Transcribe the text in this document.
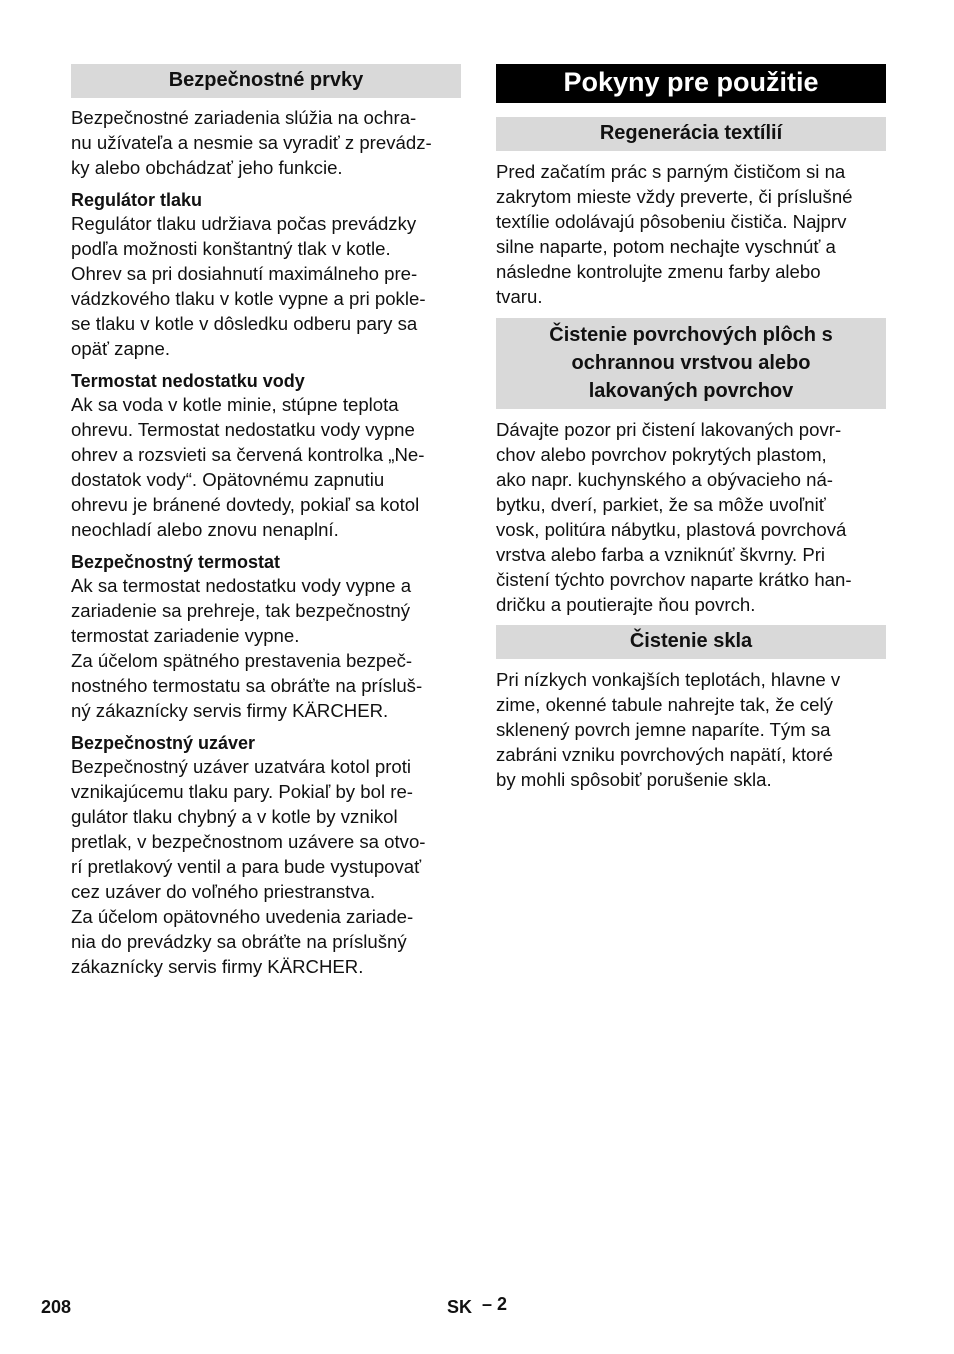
Bezpečnostné prvky

Bezpečnostné zariadenia slúžia na ochra-
nu užívateľa a nesmie sa vyradiť z prevádz-
ky alebo obchádzať jeho funkcie.

Regulátor tlaku

Regulátor tlaku udržiava počas prevádzky
podľa možnosti konštantný tlak v kotle.
Ohrev sa pri dosiahnutí maximálneho pre-
vádzkového tlaku v kotle vypne a pri pokle-
se tlaku v kotle v dôsledku odberu pary sa
opäť zapne.

Termostat nedostatku vody

Ak sa voda v kotle minie, stúpne teplota
ohrevu. Termostat nedostatku vody vypne
ohrev a rozsvieti sa červená kontrolka „Ne-
dostatok vody“. Opätovnému zapnutiu
ohrevu je bránené dovtedy, pokiaľ sa kotol
neochladí alebo znovu nenaplní.

Bezpečnostný termostat

Ak sa termostat nedostatku vody vypne a
zariadenie sa prehreje, tak bezpečnostný
termostat zariadenie vypne.
Za účelom spätného prestavenia bezpeč-
nostného termostatu sa obráťte na prísluš-
ný zákaznícky servis firmy KÄRCHER.

Bezpečnostný uzáver

Bezpečnostný uzáver uzatvára kotol proti
vznikajúcemu tlaku pary. Pokiaľ by bol re-
gulátor tlaku chybný a v kotle by vznikol
pretlak, v bezpečnostnom uzávere sa otvo-
rí pretlakový ventil a para bude vystupovať
cez uzáver do voľného priestranstva.
Za účelom opätovného uvedenia zariade-
nia do prevádzky sa obráťte na príslušný
zákaznícky servis firmy KÄRCHER.

Pokyny pre použitie
Regenerácia textílií

Pred začatím prác s parným čističom si na
zakrytom mieste vždy preverte, či príslušné
textílie odolávajú pôsobeniu čističa. Najprv
silne naparte, potom nechajte vyschnúť a
následne kontrolujte zmenu farby alebo
tvaru.

Čistenie povrchových plôch s
ochrannou vrstvou alebo
lakovaných povrchov

Dávajte pozor pri čistení lakovaných povr-
chov alebo povrchov pokrytých plastom,
ako napr. kuchynského a obývacieho ná-
bytku, dverí, parkiet, že sa môže uvoľniť
vosk, politúra nábytku, plastová povrchová
vrstva alebo farba a vzniknúť škvrny. Pri
čistení týchto povrchov naparte krátko han-
dričku a poutierajte ňou povrch.

Čistenie skla

Pri nízkych vonkajších teplotách, hlavne v
zime, okenné tabule nahrejte tak, že celý
sklenený povrch jemne naparíte. Tým sa
zabráni vzniku povrchových napätí, ktoré
by mohli spôsobiť porušenie skla.

208	SK – 2
